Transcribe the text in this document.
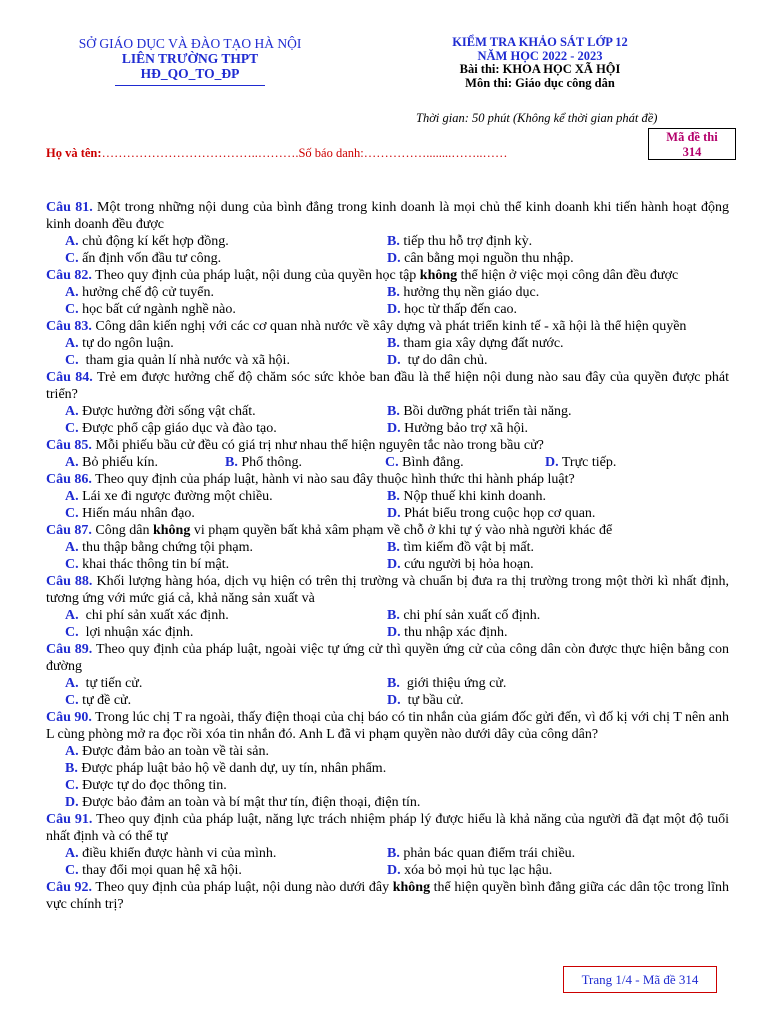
SỞ GIÁO DỤC VÀ ĐÀO TẠO HÀ NỘI
LIÊN TRƯỜNG THPT
HĐ_QO_TO_ĐP
KIỂM TRA KHẢO SÁT LỚP 12
NĂM HỌC 2022 - 2023
Bài thi: KHOA HỌC XÃ HỘI
Môn thi: Giáo dục công dân
Thời gian: 50 phút (Không kể thời gian phát đề)
Mã đề thi
314
Họ và tên:………………………………..……….Số báo danh:……………........……..……
Câu 81. Một trong những nội dung của bình đẳng trong kinh doanh là mọi chủ thể kinh doanh khi tiến hành hoạt động kinh doanh đều được
A. chủ động kí kết hợp đồng.	B. tiếp thu hỗ trợ định kỳ.
C. ấn định vốn đầu tư công.	D. cân bằng mọi nguồn thu nhập.
Câu 82. Theo quy định của pháp luật, nội dung của quyền học tập không thể hiện ở việc mọi công dân đều được
A. hưởng chế độ cử tuyển.	B. hưởng thụ nền giáo dục.
C. học bất cứ ngành nghề nào.	D. học từ thấp đến cao.
Câu 83. Công dân kiến nghị với các cơ quan nhà nước về xây dựng và phát triển kinh tế - xã hội là thể hiện quyền
A. tự do ngôn luận.	B. tham gia xây dựng đất nước.
C.  tham gia quản lí nhà nước và xã hội.	D.  tự do dân chủ.
Câu 84. Trẻ em được hưởng chế độ chăm sóc sức khỏe ban đầu là thể hiện nội dung nào sau đây của quyền được phát triển?
A. Được hưởng đời sống vật chất.	B. Bồi dưỡng phát triển tài năng.
C. Được phổ cập giáo dục và đào tạo.	D. Hưởng bảo trợ xã hội.
Câu 85. Mỗi phiếu bầu cử đều có giá trị như nhau thể hiện nguyên tắc nào trong bầu cử?
A. Bỏ phiếu kín.	B. Phổ thông.	C. Bình đẳng.	D. Trực tiếp.
Câu 86. Theo quy định của pháp luật, hành vi nào sau đây thuộc hình thức thi hành pháp luật?
A. Lái xe đi ngược đường một chiều.	B. Nộp thuế khi kinh doanh.
C. Hiến máu nhân đạo.	D. Phát biểu trong cuộc họp cơ quan.
Câu 87. Công dân không vi phạm quyền bất khả xâm phạm về chỗ ở khi tự ý vào nhà người khác để
A. thu thập bằng chứng tội phạm.	B. tìm kiếm đồ vật bị mất.
C. khai thác thông tin bí mật.	D. cứu người bị hỏa hoạn.
Câu 88. Khối lượng hàng hóa, dịch vụ hiện có trên thị trường và chuẩn bị đưa ra thị trường trong một thời kì nhất định, tương ứng với mức giá cả, khả năng sản xuất và
A.  chi phí sản xuất xác định.	B. chi phí sản xuất cố định.
C.  lợi nhuận xác định.	D. thu nhập xác định.
Câu 89. Theo quy định của pháp luật, ngoài việc tự ứng cử thì quyền ứng cử của công dân còn được thực hiện bằng con đường
A.  tự tiến cử.	B.  giới thiệu ứng cử.
C. tự đề cử.	D.  tự bầu cử.
Câu 90. Trong lúc chị T ra ngoài, thấy điện thoại của chị báo có tin nhắn của giám đốc gửi đến, vì đố kị với chị T nên anh L cùng phòng mở ra đọc rồi xóa tin nhắn đó. Anh L đã vi phạm quyền nào dưới dây của công dân?
A. Được đảm bảo an toàn về tài sản.
B. Được pháp luật bảo hộ về danh dự, uy tín, nhân phẩm.
C. Được tự do đọc thông tin.
D. Được bảo đảm an toàn và bí mật thư tín, điện thoại, điện tín.
Câu 91. Theo quy định của pháp luật, năng lực trách nhiệm pháp lý được hiểu là khả năng của người đã đạt một độ tuổi nhất định và có thể tự
A. điều khiển được hành vi của mình.	B. phản bác quan điểm trái chiều.
C. thay đổi mọi quan hệ xã hội.	D. xóa bỏ mọi hủ tục lạc hậu.
Câu 92. Theo quy định của pháp luật, nội dung nào dưới đây không thể hiện quyền bình đẳng giữa các dân tộc trong lĩnh vực chính trị?
Trang 1/4 - Mã đề 314
